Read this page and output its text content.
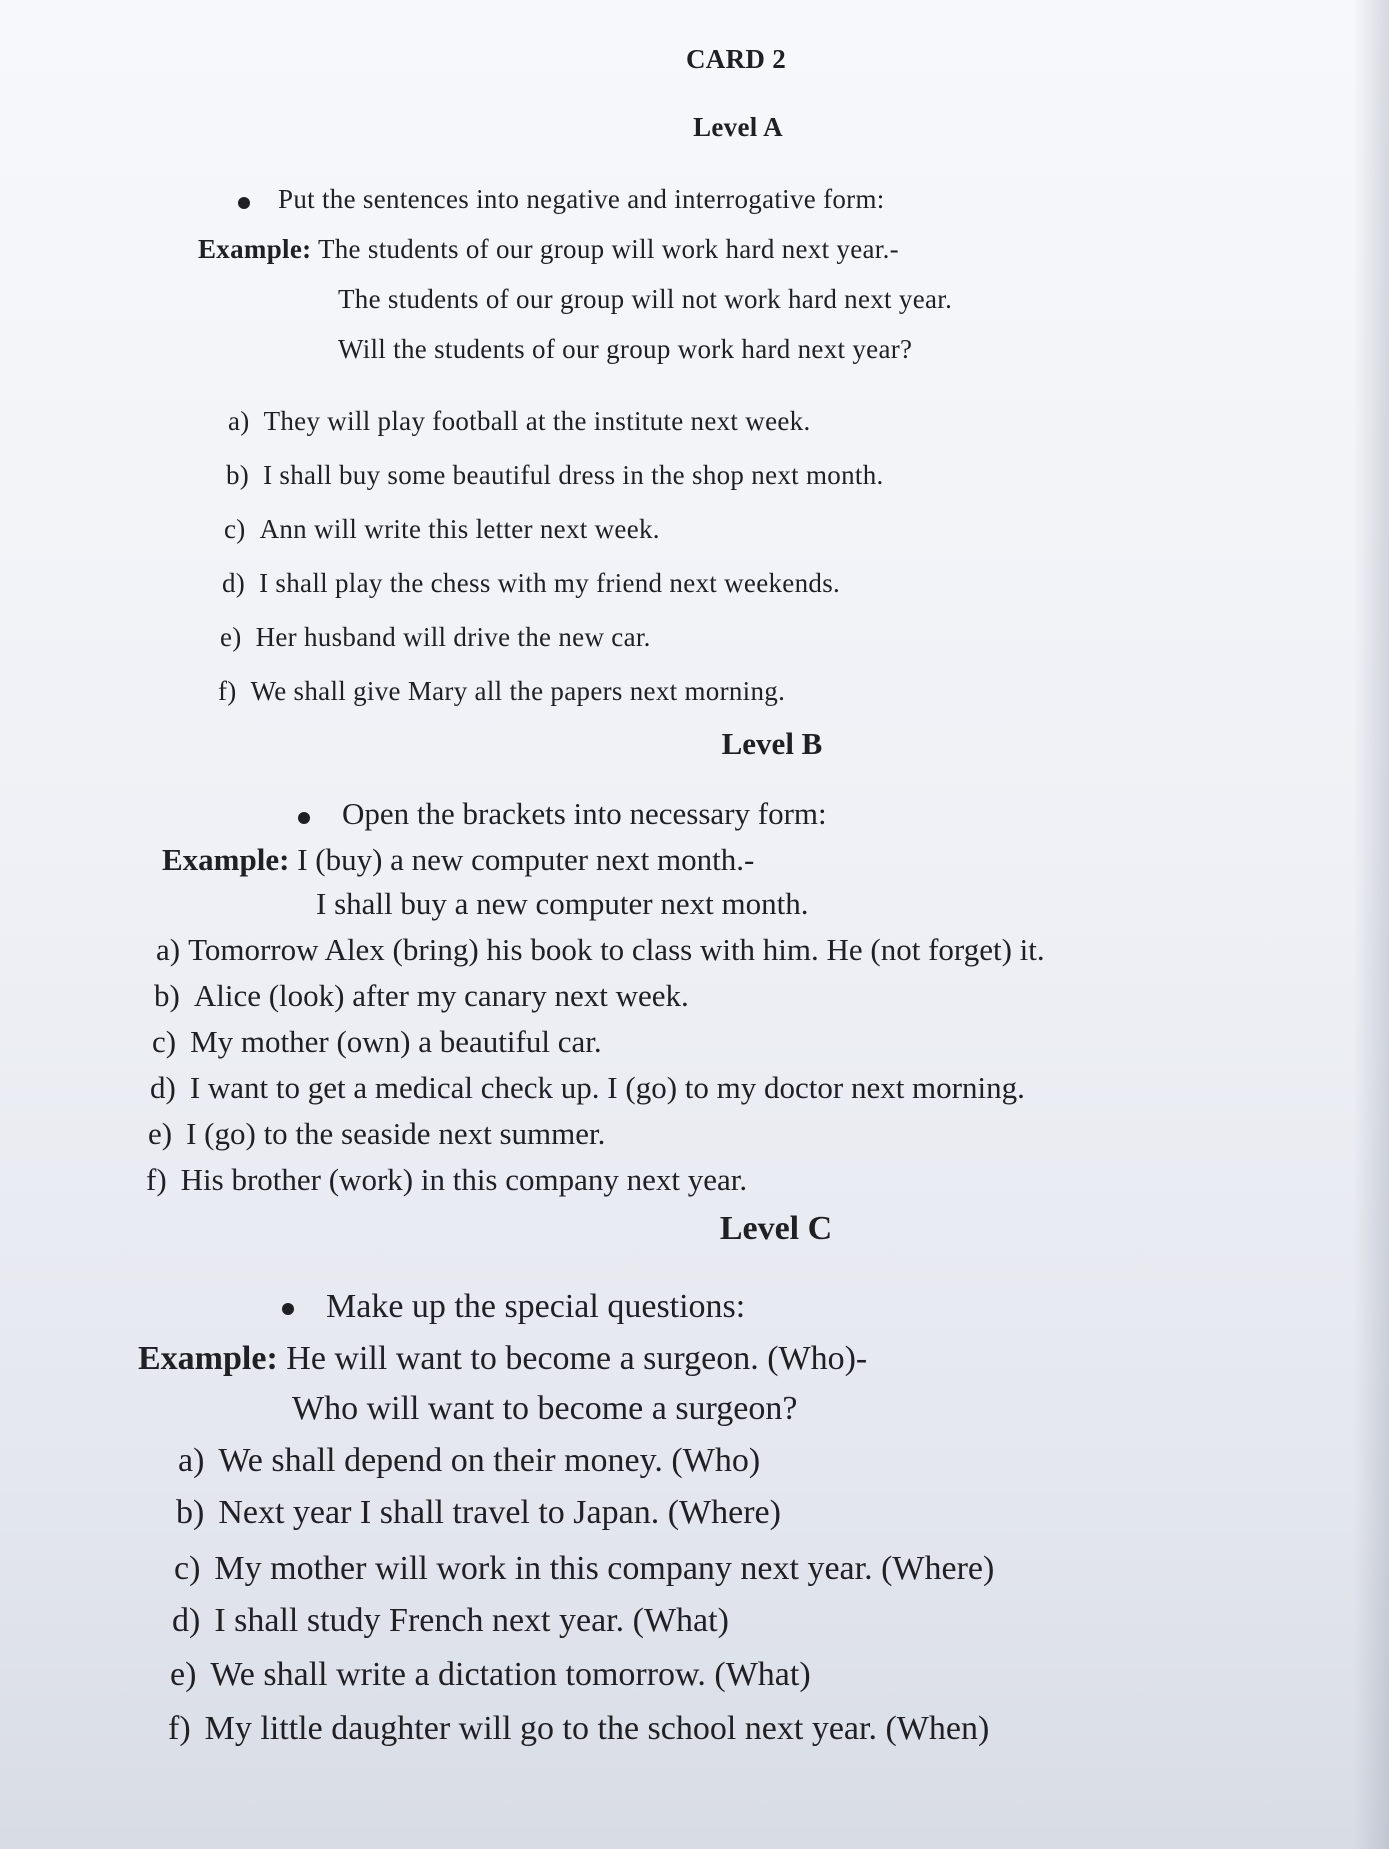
CARD 2
Level A
Put the sentences into negative and interrogative form:
Example: The students of our group will work hard next year.-
The students of our group will not work hard next year.
Will the students of our group work hard next year?
a) They will play football at the institute next week.
b) I shall buy some beautiful dress in the shop next month.
c) Ann will write this letter next week.
d) I shall play the chess with my friend next weekends.
e) Her husband will drive the new car.
f) We shall give Mary all the papers next morning.
Level B
Open the brackets into necessary form:
Example: I (buy) a new computer next month.-
I shall buy a new computer next month.
a) Tomorrow Alex (bring) his book to class with him. He (not forget) it.
b) Alice (look) after my canary next week.
c) My mother (own) a beautiful car.
d) I want to get a medical check up. I (go) to my doctor next morning.
e) I (go) to the seaside next summer.
f) His brother (work) in this company next year.
Level C
Make up the special questions:
Example: He will want to become a surgeon. (Who)-
Who will want to become a surgeon?
a) We shall depend on their money. (Who)
b) Next year I shall travel to Japan. (Where)
c) My mother will work in this company next year. (Where)
d) I shall study French next year. (What)
e) We shall write a dictation tomorrow. (What)
f) My little daughter will go to the school next year. (When)
